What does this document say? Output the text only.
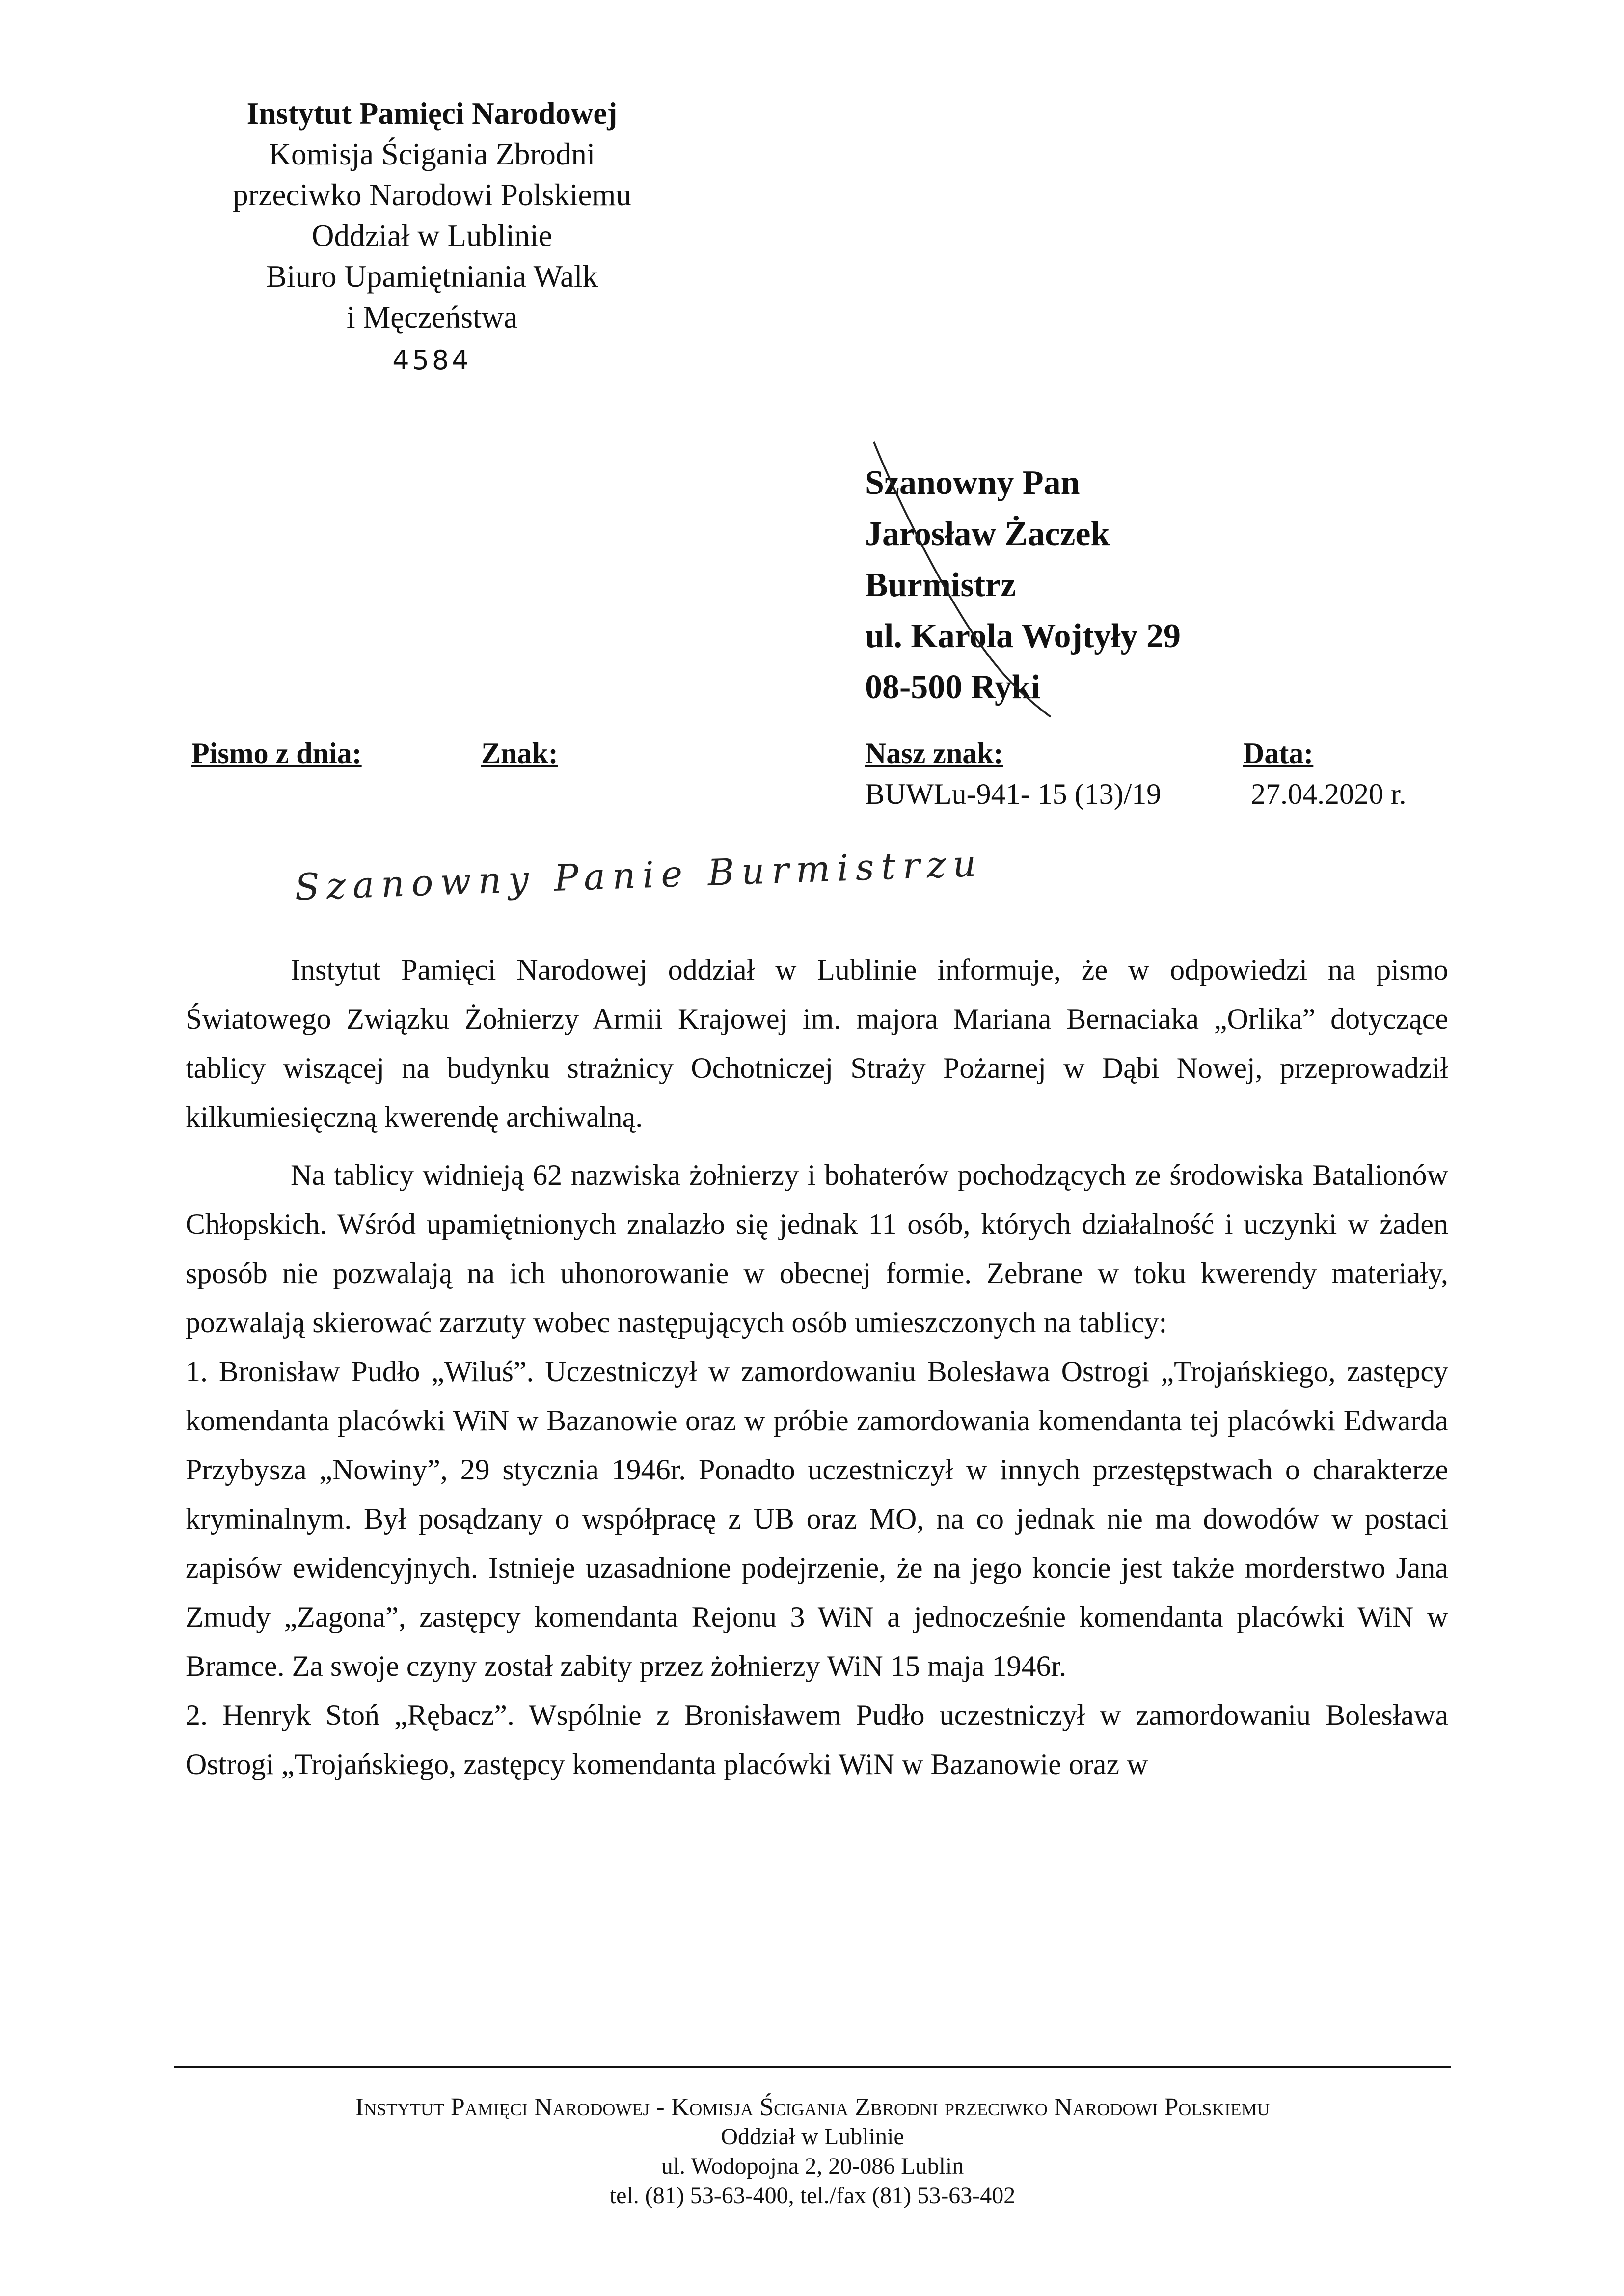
Instytut Pamięci Narodowej
Komisja Ścigania Zbrodni
przeciwko Narodowi Polskiemu
Oddział w Lublinie
Biuro Upamiętniania Walk
i Męczeństwa
4584
Szanowny Pan
Jarosław Żaczek
Burmistrz
ul. Karola Wojtyły 29
08-500 Ryki
Pismo z dnia:	Znak:	Nasz znak:
BUWLu-941- 15 (13)/19
Data:
27.04.2020 r.
Szanowny Panie Burmistrzu

Instytut Pamięci Narodowej oddział w Lublinie informuje, że w odpowiedzi na pismo Światowego Związku Żołnierzy Armii Krajowej im. majora Mariana Bernaciaka „Orlika” dotyczące tablicy wiszącej na budynku strażnicy Ochotniczej Straży Pożarnej w Dąbi Nowej, przeprowadził kilkumiesięczną kwerendę archiwalną.

Na tablicy widnieją 62 nazwiska żołnierzy i bohaterów pochodzących ze środowiska Batalionów Chłopskich. Wśród upamiętnionych znalazło się jednak 11 osób, których działalność i uczynki w żaden sposób nie pozwalają na ich uhonorowanie w obecnej formie. Zebrane w toku kwerendy materiały, pozwalają skierować zarzuty wobec następujących osób umieszczonych na tablicy:

1. Bronisław Pudło „Wiluś”. Uczestniczył w zamordowaniu Bolesława Ostrogi „Trojańskiego, zastępcy komendanta placówki WiN w Bazanowie oraz w próbie zamordowania komendanta tej placówki Edwarda Przybysza „Nowiny”, 29 stycznia 1946r. Ponadto uczestniczył w innych przestępstwach o charakterze kryminalnym. Był posądzany o współpracę z UB oraz MO, na co jednak nie ma dowodów w postaci zapisów ewidencyjnych. Istnieje uzasadnione podejrzenie, że na jego koncie jest także morderstwo Jana Zmudy „Zagona”, zastępcy komendanta Rejonu 3 WiN a jednocześnie komendanta placówki WiN w Bramce. Za swoje czyny został zabity przez żołnierzy WiN 15 maja 1946r.

2. Henryk Stoń „Rębacz”. Wspólnie z Bronisławem Pudło uczestniczył w zamordowaniu Bolesława Ostrogi „Trojańskiego, zastępcy komendanta placówki WiN w Bazanowie oraz w

Instytut Pamięci Narodowej - Komisja Ścigania Zbrodni przeciwko Narodowi Polskiemu
Oddział w Lublinie
ul. Wodopojna 2, 20-086 Lublin
tel. (81) 53-63-400, tel./fax (81) 53-63-402
